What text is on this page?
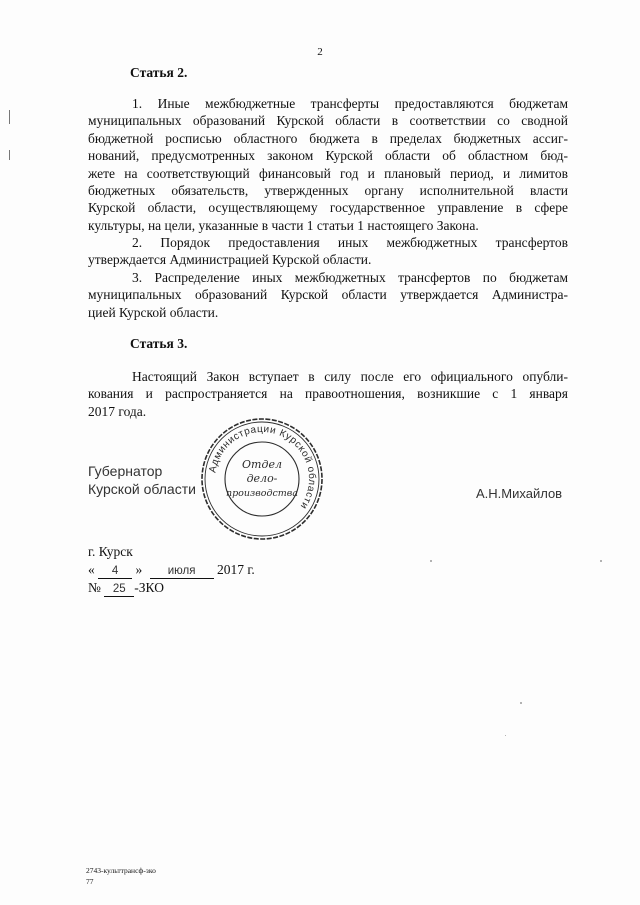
2
Статья 2.
1. Иные межбюджетные трансферты предоставляются бюджетам
муниципальных образований Курской области в соответствии со сводной
бюджетной росписью областного бюджета в пределах бюджетных ассиг-
нований, предусмотренных законом Курской области об областном бюд-
жете на соответствующий финансовый год и плановый период, и лимитов
бюджетных обязательств, утвержденных органу исполнительной власти
Курской области, осуществляющему государственное управление в сфере
культуры, на цели, указанные в части 1 статьи 1 настоящего Закона.
2. Порядок предоставления иных межбюджетных трансфертов
утверждается Администрацией Курской области.
3. Распределение иных межбюджетных трансфертов по бюджетам
муниципальных образований Курской области утверждается Администра-
цией Курской области.
Статья 3.
Настоящий Закон вступает в силу после его официального опубли-
кования и распространяется на правоотношения, возникшие с 1 января
2017 года.
Губернатор
Курской области	А.Н.Михайлов
Администрации Курской области
Отдел
дело-
производства
г. Курск
« 4 » июля 2017 г.
№ 25 -ЗКО
2743-культтрансф-зко
77
